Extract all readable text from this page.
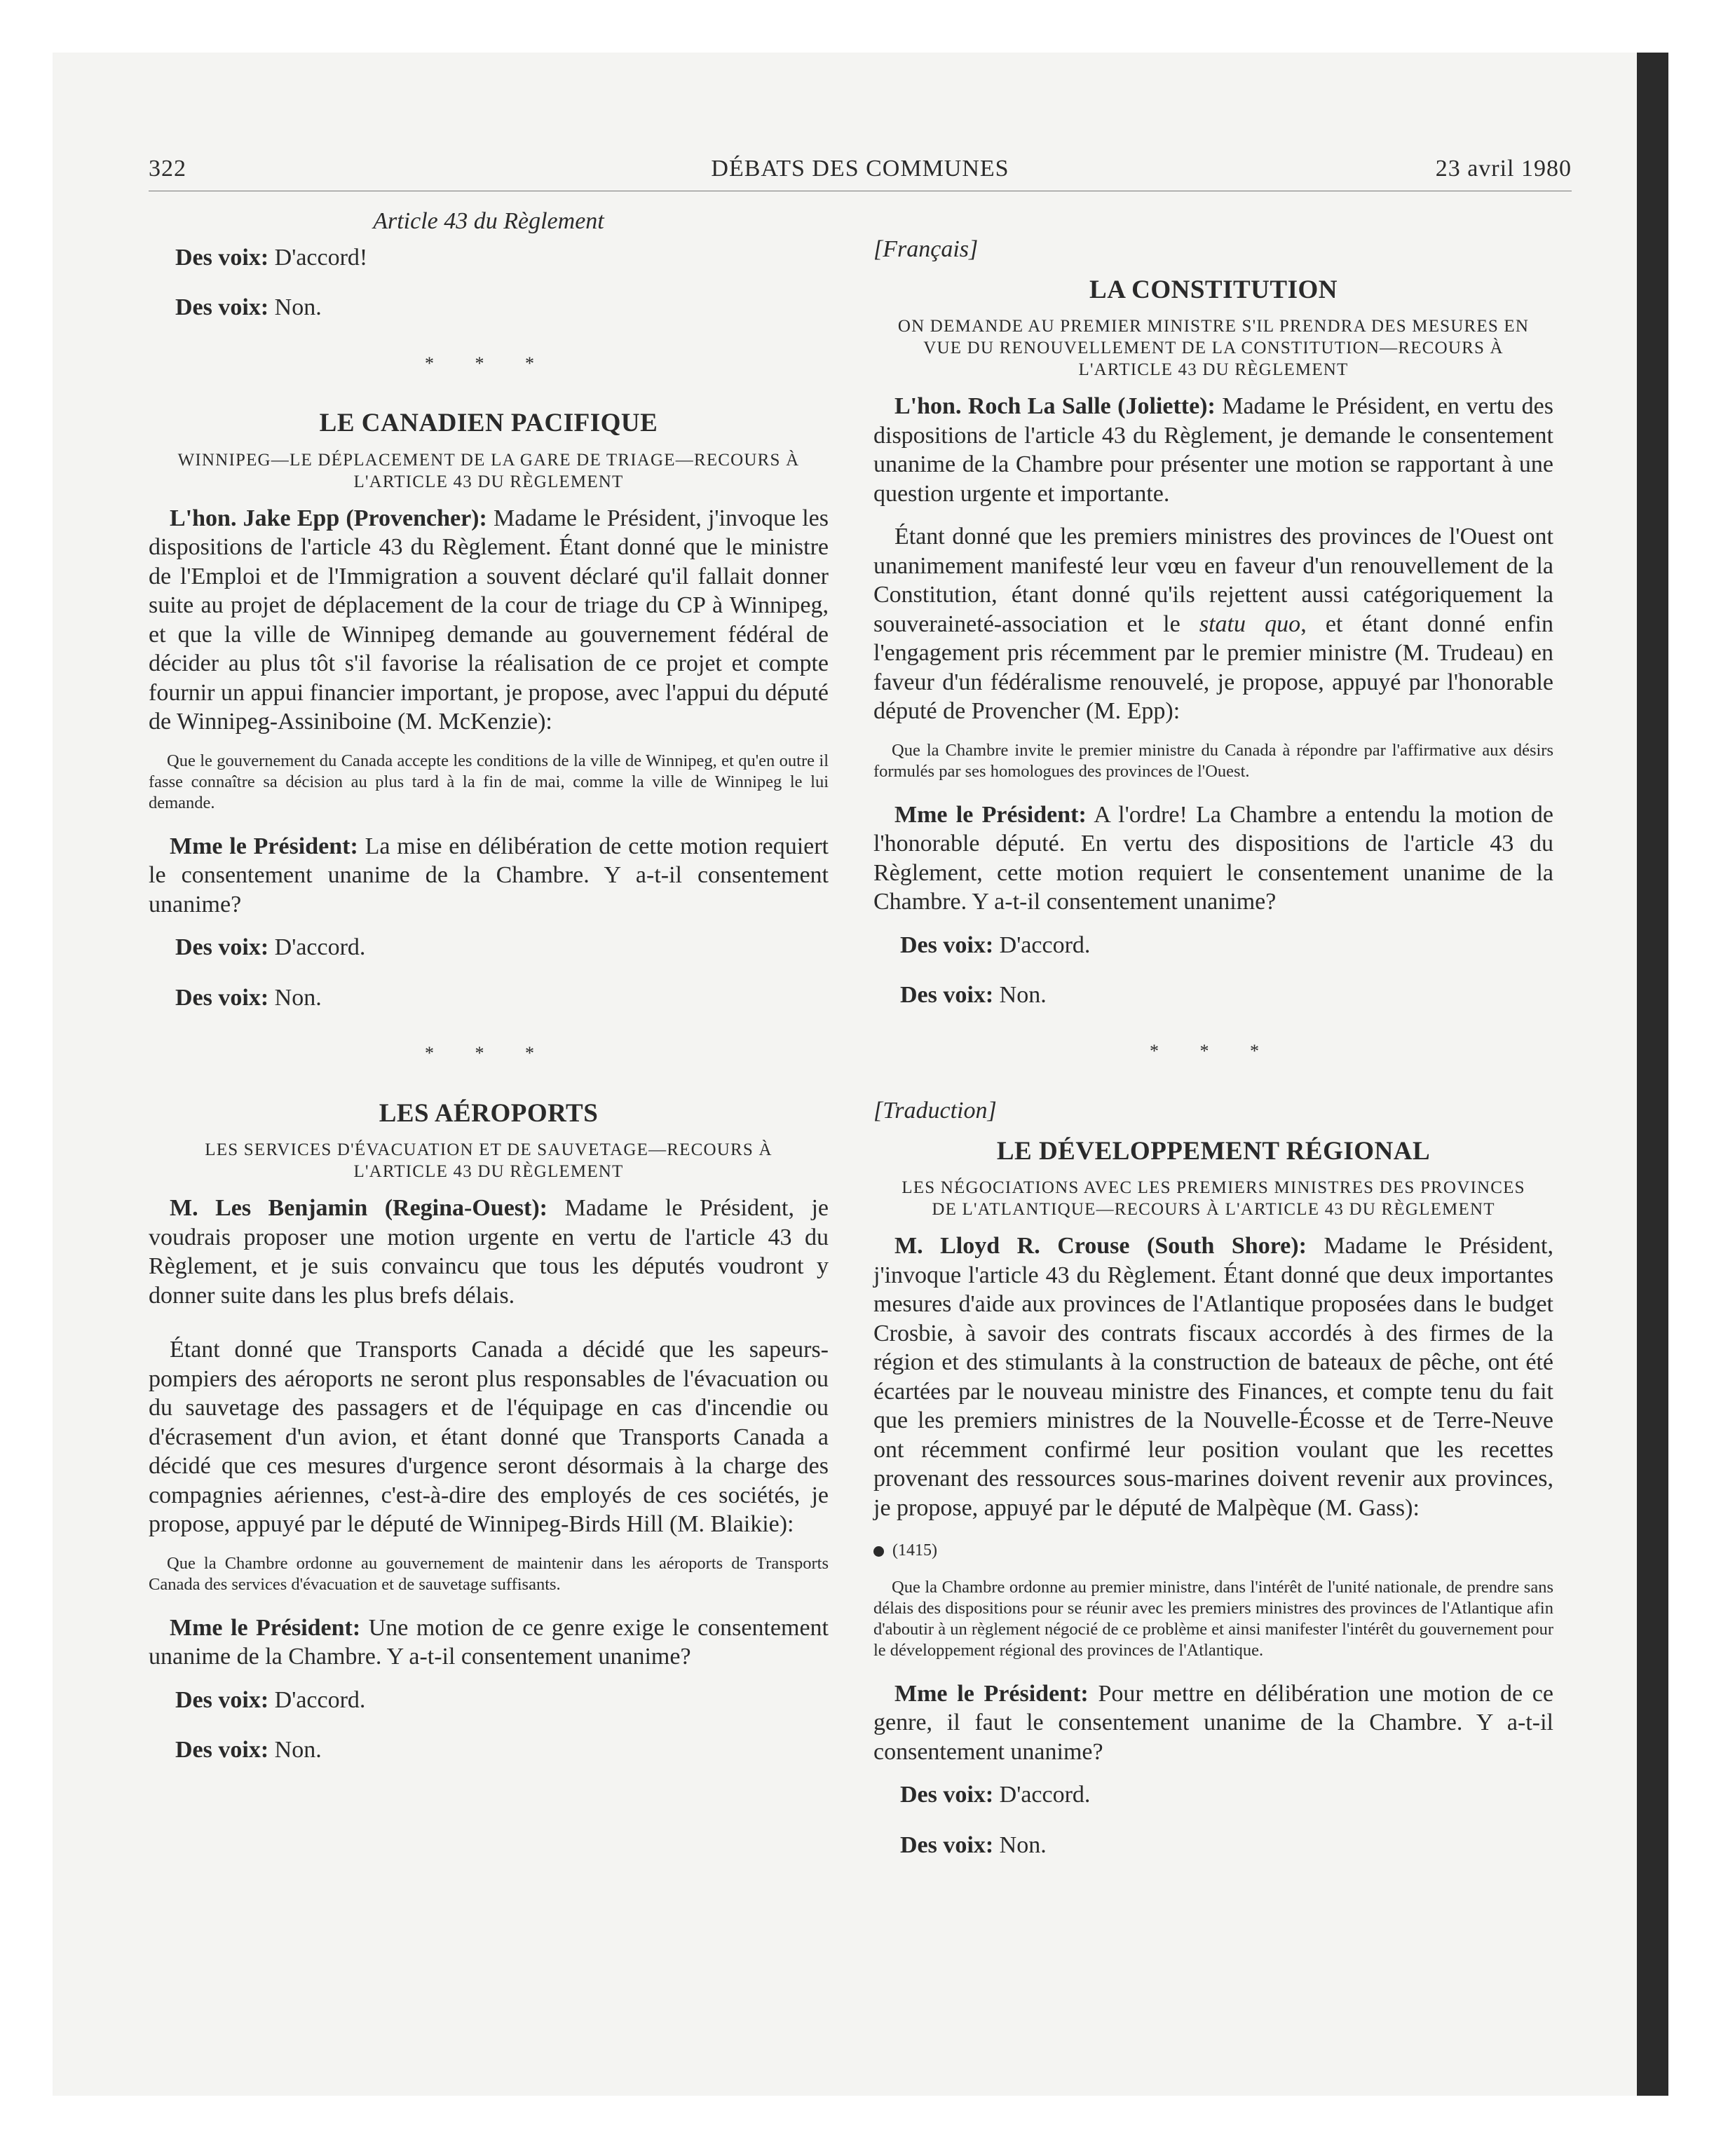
322	DÉBATS DES COMMUNES	23 avril 1980
Article 43 du Règlement

Des voix: D'accord!

Des voix: Non.

* * *
LE CANADIEN PACIFIQUE
WINNIPEG—LE DÉPLACEMENT DE LA GARE DE TRIAGE—RECOURS À L'ARTICLE 43 DU RÈGLEMENT

L'hon. Jake Epp (Provencher): Madame le Président, j'invoque les dispositions de l'article 43 du Règlement. Étant donné que le ministre de l'Emploi et de l'Immigration a souvent déclaré qu'il fallait donner suite au projet de déplacement de la cour de triage du CP à Winnipeg, et que la ville de Winnipeg demande au gouvernement fédéral de décider au plus tôt s'il favorise la réalisation de ce projet et compte fournir un appui financier important, je propose, avec l'appui du député de Winnipeg-Assiniboine (M. McKenzie):

Que le gouvernement du Canada accepte les conditions de la ville de Winnipeg, et qu'en outre il fasse connaître sa décision au plus tard à la fin de mai, comme la ville de Winnipeg le lui demande.

Mme le Président: La mise en délibération de cette motion requiert le consentement unanime de la Chambre. Y a-t-il consentement unanime?

Des voix: D'accord.

Des voix: Non.

* * *
LES AÉROPORTS
LES SERVICES D'ÉVACUATION ET DE SAUVETAGE—RECOURS À L'ARTICLE 43 DU RÈGLEMENT

M. Les Benjamin (Regina-Ouest): Madame le Président, je voudrais proposer une motion urgente en vertu de l'article 43 du Règlement, et je suis convaincu que tous les députés voudront y donner suite dans les plus brefs délais.

Étant donné que Transports Canada a décidé que les sapeurs-pompiers des aéroports ne seront plus responsables de l'évacuation ou du sauvetage des passagers et de l'équipage en cas d'incendie ou d'écrasement d'un avion, et étant donné que Transports Canada a décidé que ces mesures d'urgence seront désormais à la charge des compagnies aériennes, c'est-à-dire des employés de ces sociétés, je propose, appuyé par le député de Winnipeg-Birds Hill (M. Blaikie):

Que la Chambre ordonne au gouvernement de maintenir dans les aéroports de Transports Canada des services d'évacuation et de sauvetage suffisants.

Mme le Président: Une motion de ce genre exige le consentement unanime de la Chambre. Y a-t-il consentement unanime?

Des voix: D'accord.

Des voix: Non.

[Français]
LA CONSTITUTION
ON DEMANDE AU PREMIER MINISTRE S'IL PRENDRA DES MESURES EN VUE DU RENOUVELLEMENT DE LA CONSTITUTION—RECOURS À L'ARTICLE 43 DU RÈGLEMENT

L'hon. Roch La Salle (Joliette): Madame le Président, en vertu des dispositions de l'article 43 du Règlement, je demande le consentement unanime de la Chambre pour présenter une motion se rapportant à une question urgente et importante.

Étant donné que les premiers ministres des provinces de l'Ouest ont unanimement manifesté leur vœu en faveur d'un renouvellement de la Constitution, étant donné qu'ils rejettent aussi catégoriquement la souveraineté-association et le statu quo, et étant donné enfin l'engagement pris récemment par le premier ministre (M. Trudeau) en faveur d'un fédéralisme renouvelé, je propose, appuyé par l'honorable député de Provencher (M. Epp):

Que la Chambre invite le premier ministre du Canada à répondre par l'affirmative aux désirs formulés par ses homologues des provinces de l'Ouest.

Mme le Président: A l'ordre! La Chambre a entendu la motion de l'honorable député. En vertu des dispositions de l'article 43 du Règlement, cette motion requiert le consentement unanime de la Chambre. Y a-t-il consentement unanime?

Des voix: D'accord.

Des voix: Non.

* * *
[Traduction]
LE DÉVELOPPEMENT RÉGIONAL
LES NÉGOCIATIONS AVEC LES PREMIERS MINISTRES DES PROVINCES DE L'ATLANTIQUE—RECOURS À L'ARTICLE 43 DU RÈGLEMENT

M. Lloyd R. Crouse (South Shore): Madame le Président, j'invoque l'article 43 du Règlement. Étant donné que deux importantes mesures d'aide aux provinces de l'Atlantique proposées dans le budget Crosbie, à savoir des contrats fiscaux accordés à des firmes de la région et des stimulants à la construction de bateaux de pêche, ont été écartées par le nouveau ministre des Finances, et compte tenu du fait que les premiers ministres de la Nouvelle-Écosse et de Terre-Neuve ont récemment confirmé leur position voulant que les recettes provenant des ressources sous-marines doivent revenir aux provinces, je propose, appuyé par le député de Malpèque (M. Gass):

(1415)

Que la Chambre ordonne au premier ministre, dans l'intérêt de l'unité nationale, de prendre sans délais des dispositions pour se réunir avec les premiers ministres des provinces de l'Atlantique afin d'aboutir à un règlement négocié de ce problème et ainsi manifester l'intérêt du gouvernement pour le développement régional des provinces de l'Atlantique.

Mme le Président: Pour mettre en délibération une motion de ce genre, il faut le consentement unanime de la Chambre. Y a-t-il consentement unanime?

Des voix: D'accord.

Des voix: Non.
